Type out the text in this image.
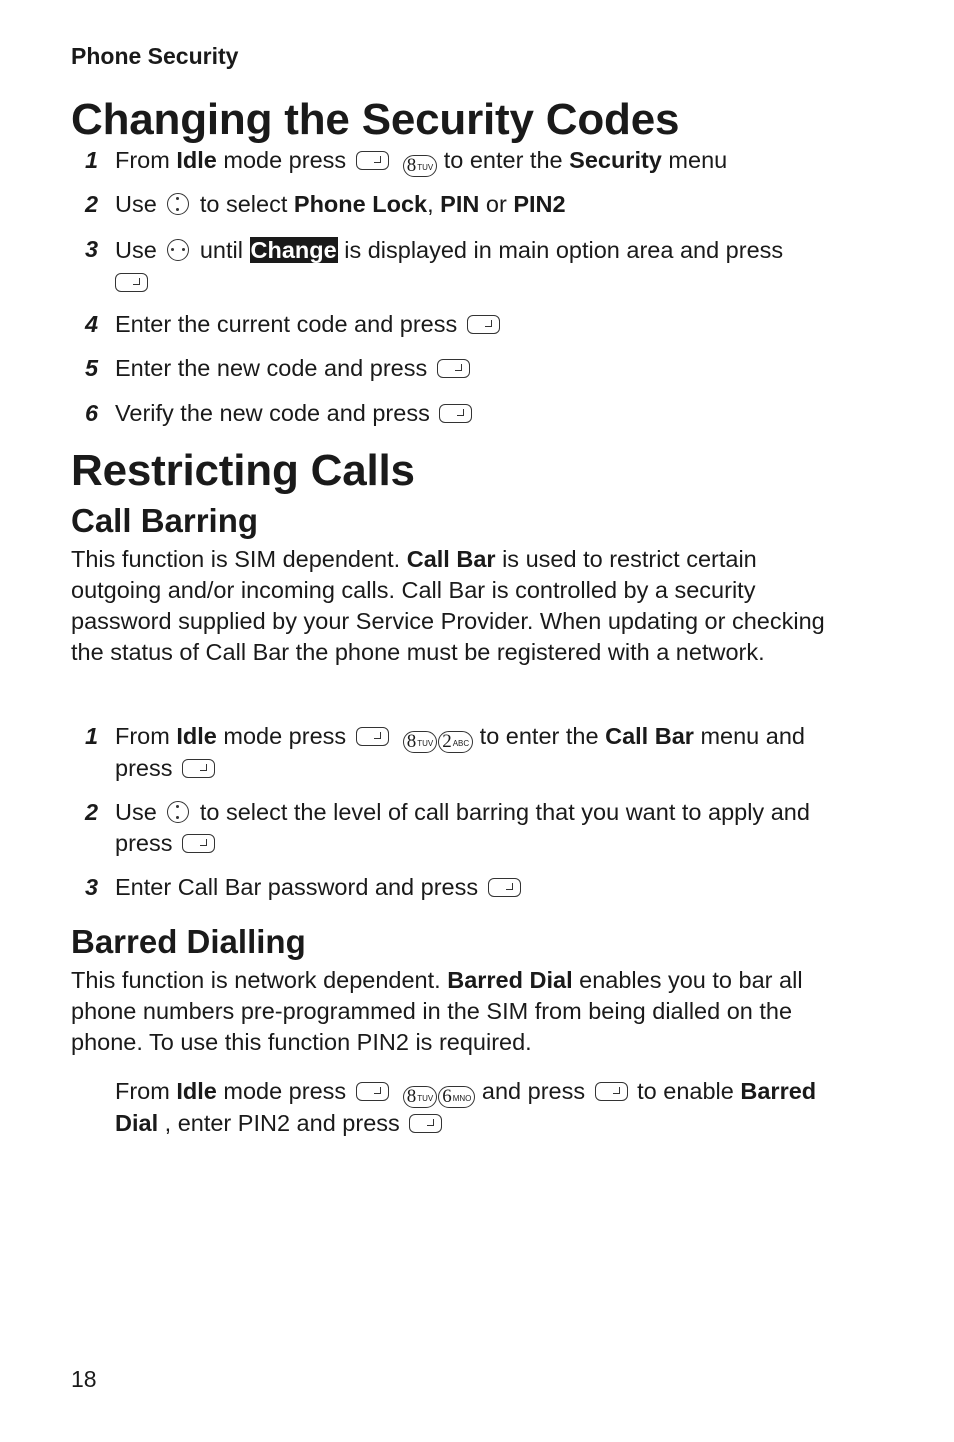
Phone Security
Changing the Security Codes
1 From Idle mode press	8TUV to enter the Security menu
2 Use  to select Phone Lock, PIN or PIN2
3 Use  until Change is displayed in main option area and press

4 Enter the current code and press
5 Enter the new code and press
6 Verify the new code and press
Restricting Calls
Call Barring

This function is SIM dependent. Call Bar is used to restrict certain outgoing and/or incoming calls. Call Bar is controlled by a security password supplied by your Service Provider. When updating or checking the status of Call Bar the phone must be registered with a network.

1 From Idle mode press	8TUV 2ABC to enter the Call Bar menu and press
2 Use  to select the level of call barring that you want to apply and press
3 Enter Call Bar password and press
Barred Dialling

This function is network dependent. Barred Dial enables you to bar all phone numbers pre-programmed in the SIM from being dialled on the phone. To use this function PIN2 is required.

From Idle mode press	8TUV 6MNO and press  to enable Barred Dial , enter PIN2 and press
18
